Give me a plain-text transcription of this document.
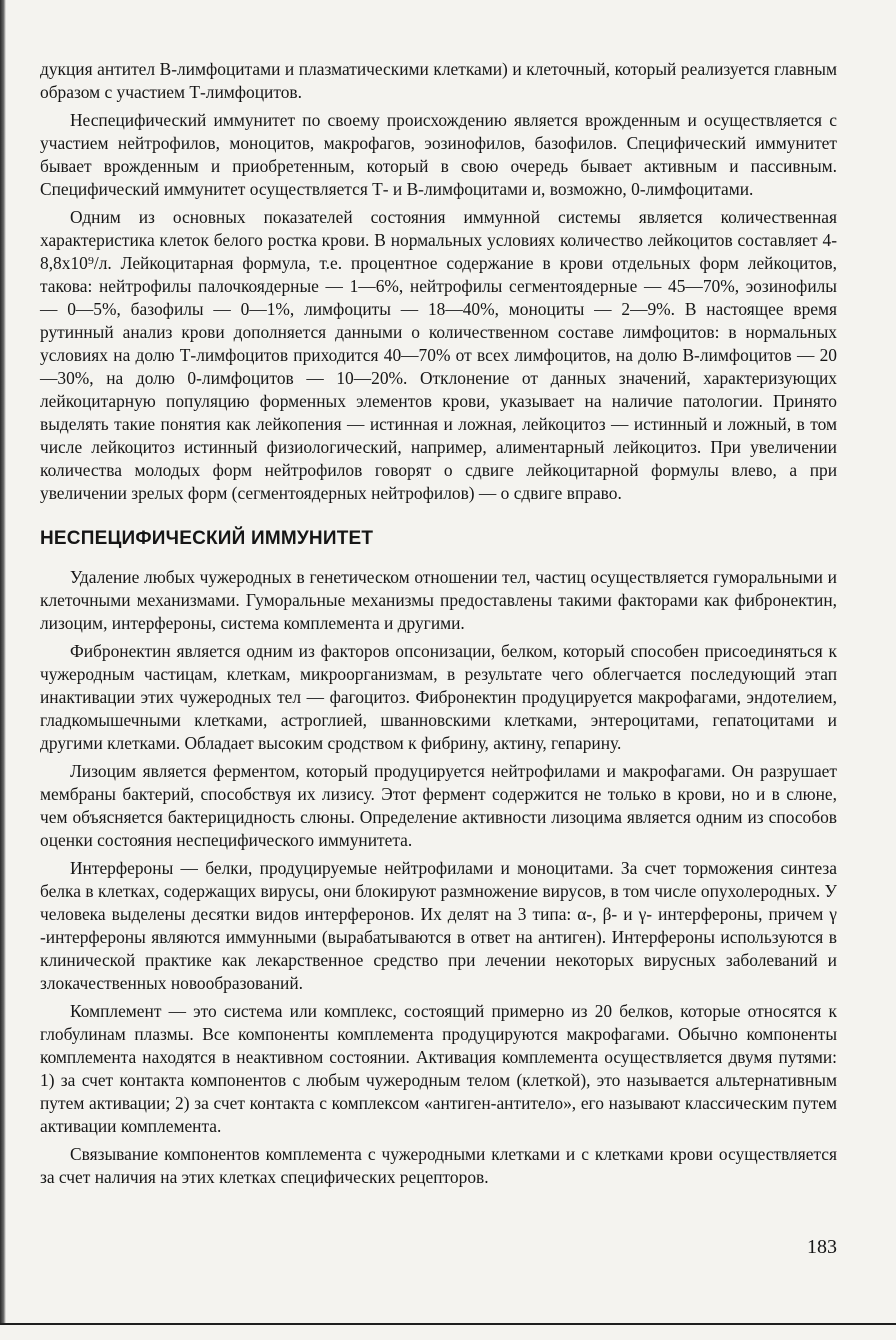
дукция антител В-лимфоцитами и плазматическими клетками) и клеточный, который реализуется главным образом с участием Т-лимфоцитов.

Неспецифический иммунитет по своему происхождению является врожденным и осуществляется с участием нейтрофилов, моноцитов, макрофагов, эозинофилов, базофилов. Специфический иммунитет бывает врожденным и приобретенным, который в свою очередь бывает активным и пассивным. Специфический иммунитет осуществляется Т- и В-лимфоцитами и, возможно, 0-лимфоцитами.

Одним из основных показателей состояния иммунной системы является количественная характеристика клеток белого ростка крови. В нормальных условиях количество лейкоцитов составляет 4-8,8x10⁹/л. Лейкоцитарная формула, т.е. процентное содержание в крови отдельных форм лейкоцитов, такова: нейтрофилы палочкоядерные — 1—6%, нейтрофилы сегментоядерные — 45—70%, эозинофилы — 0—5%, базофилы — 0—1%, лимфоциты — 18—40%, моноциты — 2—9%. В настоящее время рутинный анализ крови дополняется данными о количественном составе лимфоцитов: в нормальных условиях на долю Т-лимфоцитов приходится 40—70% от всех лимфоцитов, на долю В-лимфоцитов — 20—30%, на долю 0-лимфоцитов — 10—20%. Отклонение от данных значений, характеризующих лейкоцитарную популяцию форменных элементов крови, указывает на наличие патологии. Принято выделять такие понятия как лейкопения — истинная и ложная, лейкоцитоз — истинный и ложный, в том числе лейкоцитоз истинный физиологический, например, алиментарный лейкоцитоз. При увеличении количества молодых форм нейтрофилов говорят о сдвиге лейкоцитарной формулы влево, а при увеличении зрелых форм (сегментоядерных нейтрофилов) — о сдвиге вправо.

НЕСПЕЦИФИЧЕСКИЙ ИММУНИТЕТ

Удаление любых чужеродных в генетическом отношении тел, частиц осуществляется гуморальными и клеточными механизмами. Гуморальные механизмы предоставлены такими факторами как фибронектин, лизоцим, интерфероны, система комплемента и другими.

Фибронектин является одним из факторов опсонизации, белком, который способен присоединяться к чужеродным частицам, клеткам, микроорганизмам, в результате чего облегчается последующий этап инактивации этих чужеродных тел — фагоцитоз. Фибронектин продуцируется макрофагами, эндотелием, гладкомышечными клетками, астроглией, шванновскими клетками, энтероцитами, гепатоцитами и другими клетками. Обладает высоким сродством к фибрину, актину, гепарину.

Лизоцим является ферментом, который продуцируется нейтрофилами и макрофагами. Он разрушает мембраны бактерий, способствуя их лизису. Этот фермент содержится не только в крови, но и в слюне, чем объясняется бактерицидность слюны. Определение активности лизоцима является одним из способов оценки состояния неспецифического иммунитета.

Интерфероны — белки, продуцируемые нейтрофилами и моноцитами. За счет торможения синтеза белка в клетках, содержащих вирусы, они блокируют размножение вирусов, в том числе опухолеродных. У человека выделены десятки видов интерферонов. Их делят на 3 типа: α-, β- и γ- интерфероны, причем γ -интерфероны являются иммунными (вырабатываются в ответ на антиген). Интерфероны используются в клинической практике как лекарственное средство при лечении некоторых вирусных заболеваний и злокачественных новообразований.

Комплемент — это система или комплекс, состоящий примерно из 20 белков, которые относятся к глобулинам плазмы. Все компоненты комплемента продуцируются макрофагами. Обычно компоненты комплемента находятся в неактивном состоянии. Активация комплемента осуществляется двумя путями: 1) за счет контакта компонентов с любым чужеродным телом (клеткой), это называется альтернативным путем активации; 2) за счет контакта с комплексом «антиген-антитело», его называют классическим путем активации комплемента.

Связывание компонентов комплемента с чужеродными клетками и с клетками крови осуществляется за счет наличия на этих клетках специфических рецепторов.

183
